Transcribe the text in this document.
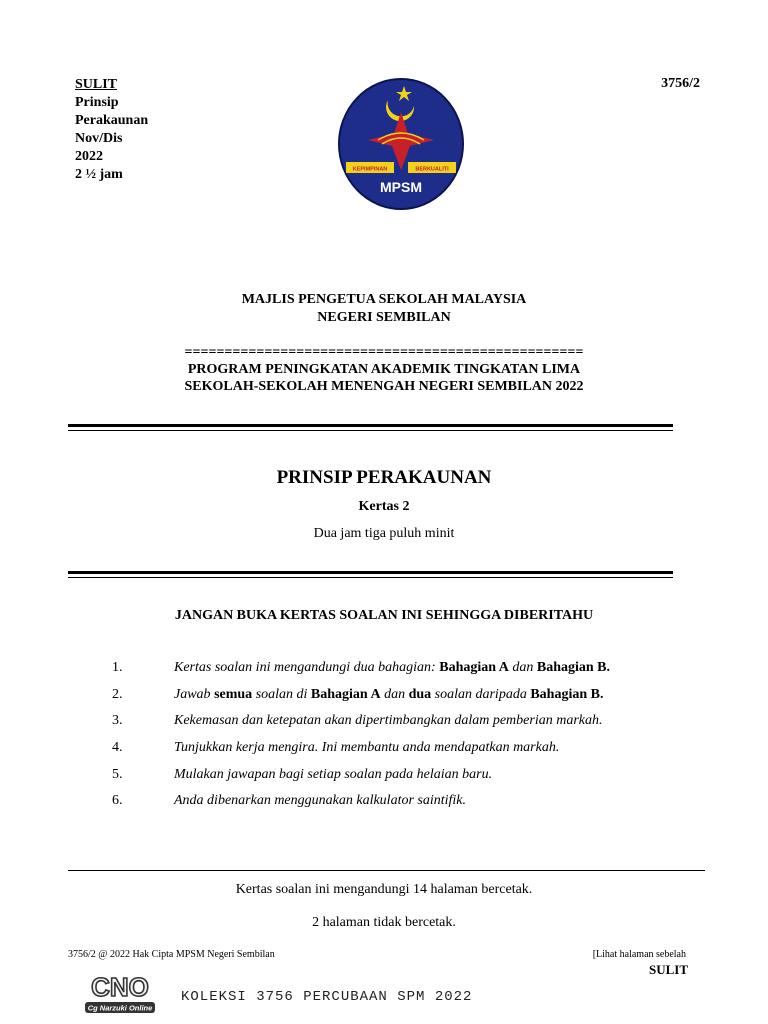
SULIT
Prinsip
Perakaunan
Nov/Dis
2022
2 ½ jam
3756/2
KEPIMPINAN	BERKUALITI
MPSM
MAJLIS PENGETUA SEKOLAH MALAYSIA
NEGERI SEMBILAN
==================================================
PROGRAM PENINGKATAN AKADEMIK TINGKATAN LIMA
SEKOLAH-SEKOLAH MENENGAH NEGERI SEMBILAN 2022
PRINSIP PERAKAUNAN
Kertas 2
Dua jam tiga puluh minit
JANGAN BUKA KERTAS SOALAN INI SEHINGGA DIBERITAHU
1.	Kertas soalan ini mengandungi dua bahagian: Bahagian A dan Bahagian B.
2.	Jawab semua soalan di Bahagian A dan dua soalan daripada Bahagian B.
3.	Kekemasan dan ketepatan akan dipertimbangkan dalam pemberian markah.
4.	Tunjukkan kerja mengira. Ini membantu anda mendapatkan markah.
5.	Mulakan jawapan bagi setiap soalan pada helaian baru.
6.	Anda dibenarkan menggunakan kalkulator saintifik.
Kertas soalan ini mengandungi 14 halaman bercetak.
2 halaman tidak bercetak.
3756/2 @ 2022 Hak Cipta MPSM Negeri Sembilan	[Lihat halaman sebelah
SULIT
CNO
Cg Narzuki Online
KOLEKSI 3756 PERCUBAAN SPM 2022
